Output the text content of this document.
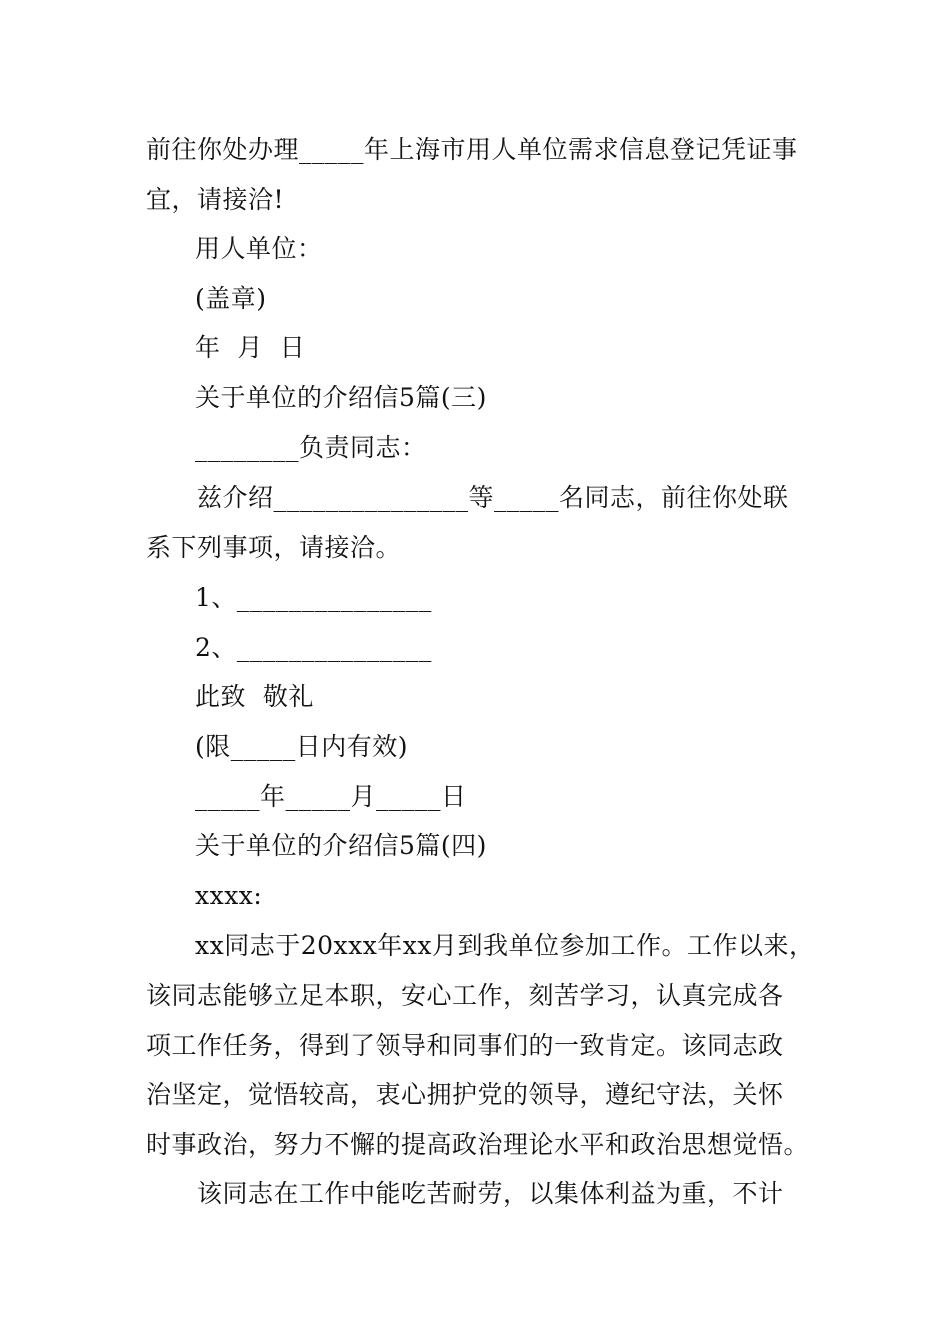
前往你处办理_____年上海市用人单位需求信息登记凭证事
宜，请接洽!
用人单位：
(盖章)
年  月  日
关于单位的介绍信5篇(三)
________负责同志：
兹介绍_______________等_____名同志，前往你处联
系下列事项，请接洽。
1、_______________
2、_______________
此致  敬礼
(限_____日内有效)
_____年_____月_____日
关于单位的介绍信5篇(四)
xxxx:
xx同志于20xxx年xx月到我单位参加工作。工作以来，
该同志能够立足本职，安心工作，刻苦学习，认真完成各
项工作任务，得到了领导和同事们的一致肯定。该同志政
治坚定，觉悟较高，衷心拥护党的领导，遵纪守法，关怀
时事政治，努力不懈的提高政治理论水平和政治思想觉悟。
该同志在工作中能吃苦耐劳，以集体利益为重，不计
